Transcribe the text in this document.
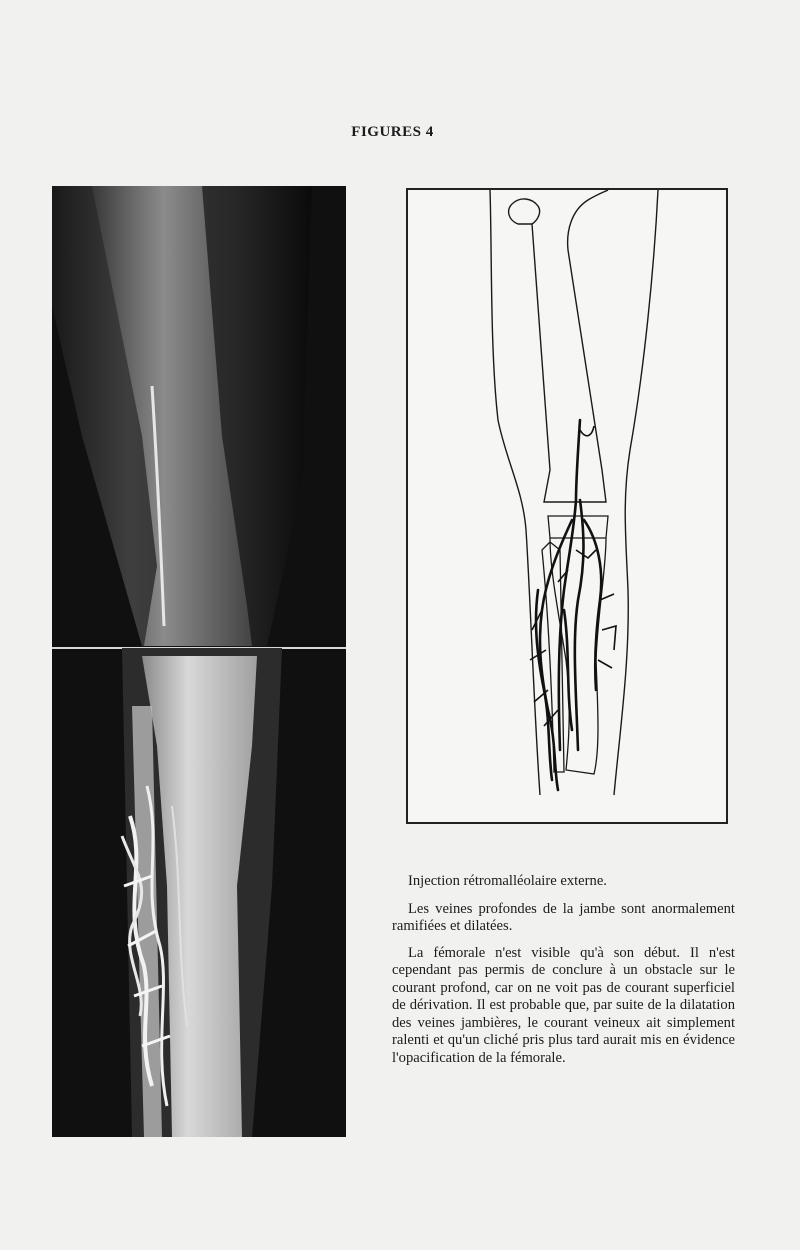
FIGURES 4

Injection rétromalléolaire externe.

Les veines profondes de la jambe sont anormalement ramifiées et dilatées.

La fémorale n'est visible qu'à son début. Il n'est cependant pas permis de conclure à un obstacle sur le courant profond, car on ne voit pas de courant superficiel de dérivation. Il est probable que, par suite de la dilatation des veines jambières, le courant veineux ait simplement ralenti et qu'un cliché pris plus tard aurait mis en évidence l'opacification de la fémorale.
